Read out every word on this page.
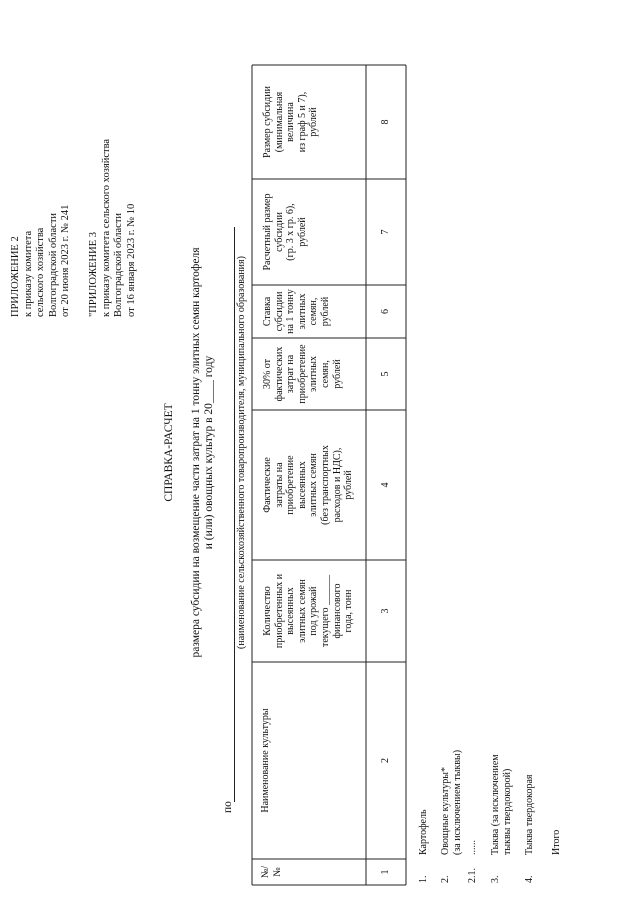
ПРИЛОЖЕНИЕ 2 к приказу комитета сельского хозяйства Волгоградской области от 20 июня 2023 г. № 241 "ПРИЛОЖЕНИЕ 3 к приказу комитета сельского хозяйства Волгоградской области от 16 января 2023 г. № 10
СПРАВКА-РАСЧЕТ размера субсидии на возмещение части затрат на 1 тонну элитных семян картофеля и (или) овощных культур в 20____ году
по
(наименование сельскохозяйственного товаропроизводителя, муниципального образования)
№/ №
Наименование культуры
Количество приобретенных и высеянных элитных семян под урожай текущего ______ финансового года, тонн
Фактические затраты на приобретение высеянных элитных семян (без транспортных расходов и НДС), рублей
30% от фактических затрат на приобретение элитных семян, рублей
Ставка субсидии на 1 тонну элитных семян, рублей
Расчетный размер субсидии (гр. 3 х гр. 6), рублей
Размер субсидии (минимальная величина из граф 5 и 7), рублей
1
2
3
4
5
6
7
8
1.
Картофель
2.
Овощные культуры* (за исключением тыквы)
2.1.
......
3.
Тыква (за исключением тыквы твердокорой)
4.
Тыква твердокорая Итого
